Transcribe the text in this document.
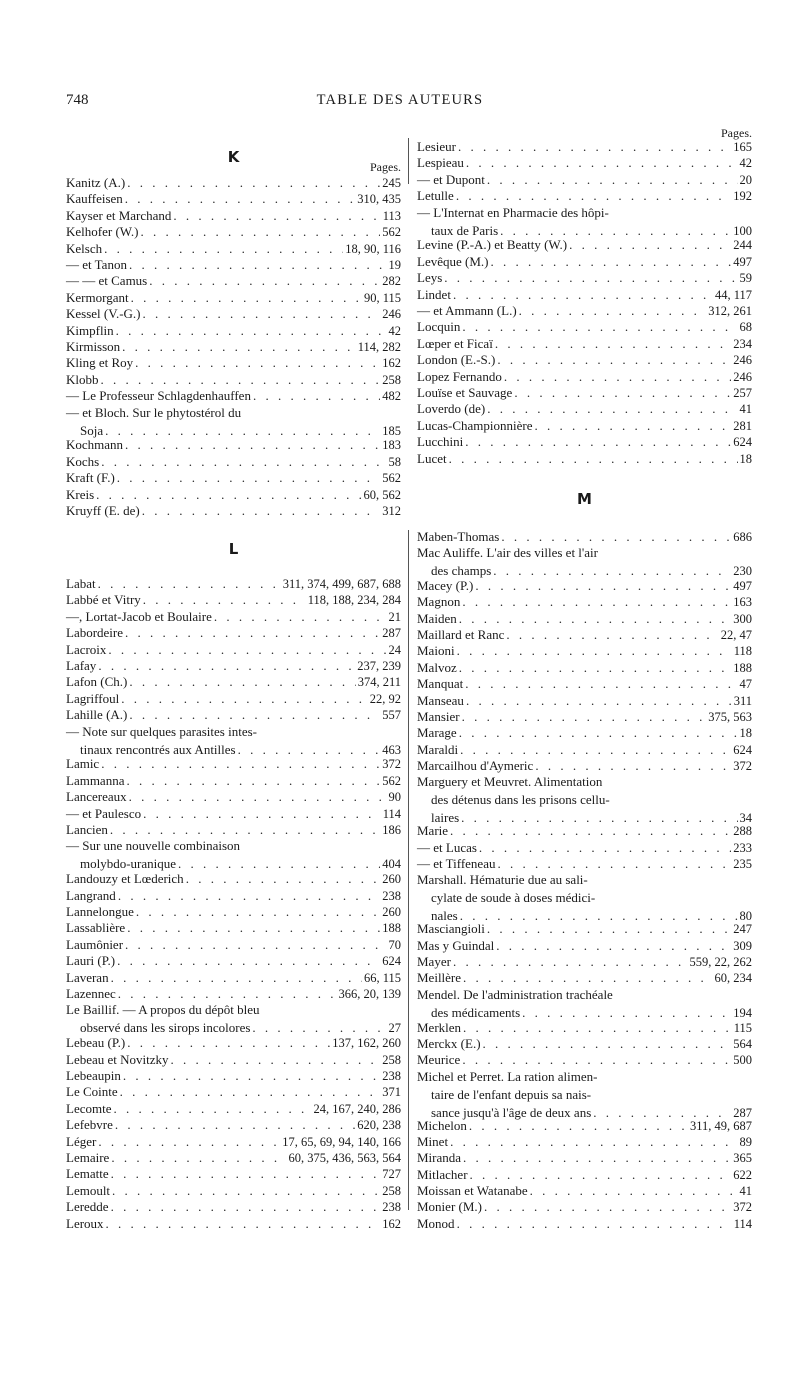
748	TABLE DES AUTEURS
K
Pages.
Kanitz (A.) . . .	245
Kauffeisen . . .	310, 435
Kayser et Marchand . . .	113
Kelhofer (W.) . . .	562
Kelsch . . .	18, 90, 116
— et Tanon . . .	19
— — et Camus . . .	282
Kermorgant . . .	90, 115
Kessel (V.-G.) . . .	246
Kimpflin . . .	42
Kirmisson . . .	114, 282
Kling et Roy . . .	162
Klobb . . .	258
— Le Professeur Schlagdenhauffen . . .	482
— et Bloch. Sur le phytostérol du
Soja . . .	185
Kochmann . . .	183
Kochs . . .	58
Kraft (F.) . . .	562
Kreis . . .	60, 562
Kruyff (E. de) . . .	312
L
Labat . . .	311, 374, 499, 687, 688
Labbé et Vitry . . .	118, 188, 234, 284
—, Lortat-Jacob et Boulaire . . .	21
Labordeire . . .	287
Lacroix . . .	24
Lafay . . .	237, 239
Lafon (Ch.) . . .	374, 211
Lagriffoul . . .	22, 92
Lahille (A.) . . .	557
— Note sur quelques parasites intes-
tinaux rencontrés aux Antilles . . .	463
Lamic . . .	372
Lammanna . . .	562
Lancereaux . . .	90
— et Paulesco . . .	114
Lancien . . .	186
— Sur une nouvelle combinaison
molybdo-uranique . . .	404
Landouzy et Lœderich . . .	260
Langrand . . .	238
Lannelongue . . .	260
Lassablière . . .	188
Laumônier . . .	70
Lauri (P.) . . .	624
Laveran . . .	66, 115
Lazennec . . .	366, 20, 139
Le Baillif. — A propos du dépôt bleu
observé dans les sirops incolores . . .	27
Lebeau (P.) . . .	137, 162, 260
Lebeau et Novitzky . . .	258
Lebeaupin . . .	238
Le Cointe . . .	371
Lecomte . . .	24, 167, 240, 286
Lefebvre . . .	620, 238
Léger . . .	17, 65, 69, 94, 140, 166
Lemaire . . .	60, 375, 436, 563, 564
Lematte . . .	727
Lemoult . . .	258
Leredde . . .	238
Leroux . . .	162
Pages.
Lesieur . . .	165
Lespieau . . .	42
— et Dupont . . .	20
Letulle . . .	192
— L'Internat en Pharmacie des hôpi-
taux de Paris . . .	100
Levine (P.-A.) et Beatty (W.) . . .	244
Levêque (M.) . . .	497
Leys . . .	59
Lindet . . .	44, 117
— et Ammann (L.) . . .	312, 261
Locquin . . .	68
Lœper et Ficaï . . .	234
London (E.-S.) . . .	246
Lopez Fernando . . .	246
Louïse et Sauvage . . .	257
Loverdo (de) . . .	41
Lucas-Championnière . . .	281
Lucchini . . .	624
Lucet . . .	18
M
Maben-Thomas . . .	686
Mac Auliffe. L'air des villes et l'air
des champs . . .	230
Macey (P.) . . .	497
Magnon . . .	163
Maiden . . .	300
Maillard et Ranc . . .	22, 47
Maioni . . .	118
Malvoz . . .	188
Manquat . . .	47
Manseau . . .	311
Mansier . . .	375, 563
Marage . . .	18
Maraldi . . .	624
Marcailhou d'Aymeric . . .	372
Marguery et Meuvret. Alimentation
des détenus dans les prisons cellu-
laires . . .	34
Marie . . .	288
— et Lucas . . .	233
— et Tiffeneau . . .	235
Marshall. Hématurie due au sali-
cylate de soude à doses médici-
nales . . .	80
Masciangioli . . .	247
Mas y Guindal . . .	309
Mayer . . .	559, 22, 262
Meillère . . .	60, 234
Mendel. De l'administration trachéale
des médicaments . . .	194
Merklen . . .	115
Merckx (E.) . . .	564
Meurice . . .	500
Michel et Perret. La ration alimen-
taire de l'enfant depuis sa nais-
sance jusqu'à l'âge de deux ans . . .	287
Michelon . . .	311, 49, 687
Minet . . .	89
Miranda . . .	365
Mitlacher . . .	622
Moissan et Watanabe . . .	41
Monier (M.) . . .	372
Monod . . .	114
